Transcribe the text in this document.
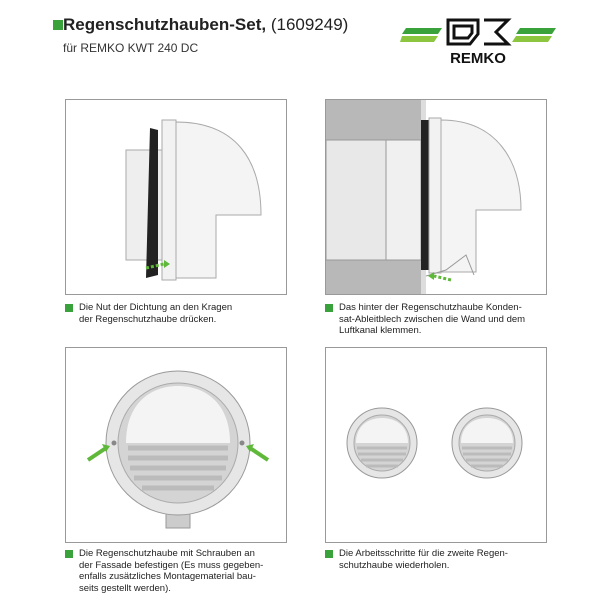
Regenschutzhauben-Set, (1609249)
für REMKO KWT 240 DC
REMKO
Die Nut der Dichtung an den Kragen
der Regenschutzhaube drücken.
Das hinter der Regenschutzhaube Konden-
sat-Ableitblech zwischen die Wand und dem
Luftkanal klemmen.
Die Regenschutzhaube mit Schrauben an
der Fassade befestigen (Es muss gegeben-
enfalls zusätzliches Montagematerial bau-
seits gestellt werden).
Die Arbeitsschritte für die zweite Regen-
schutzhaube wiederholen.
